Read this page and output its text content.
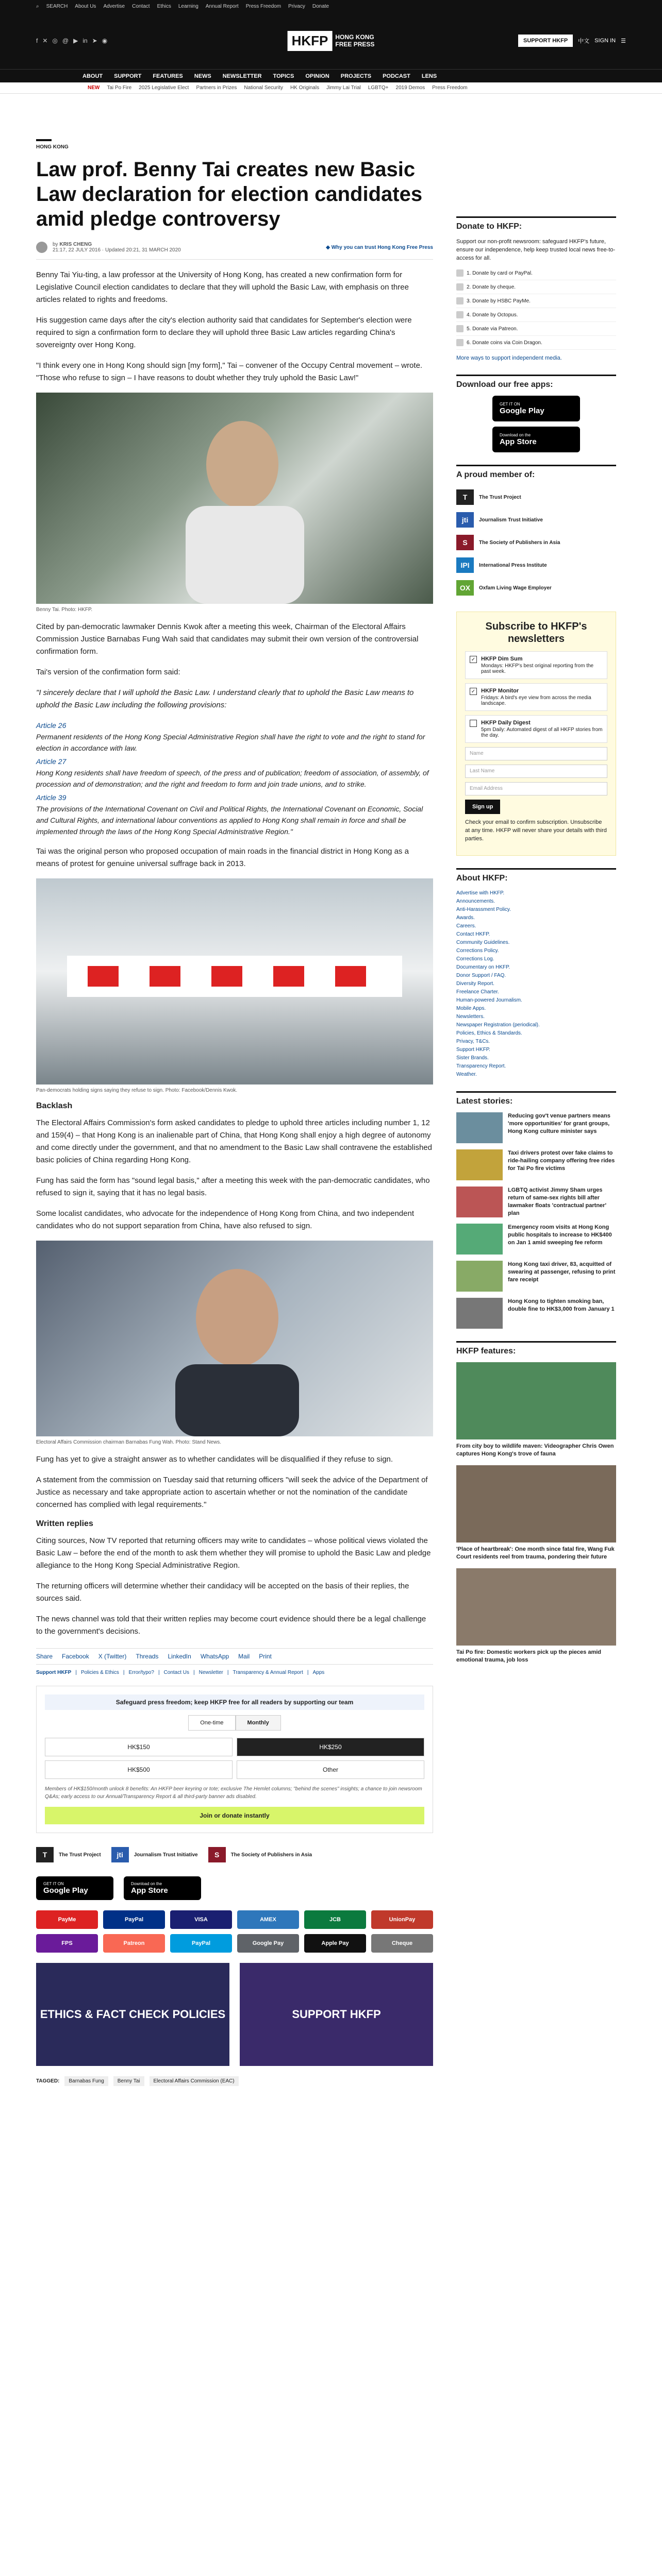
⌕ SEARCH About Us Advertise Contact Ethics Learning Annual Report Press Freedom Privacy Donate
f ✕ ◎ @ ▶ in ➤ ◉	HKFP	HONG KONG
FREE PRESS	SUPPORT HKFP	中文 SIGN IN ☰
ABOUT SUPPORT FEATURES NEWS NEWSLETTER TOPICS OPINION PROJECTS PODCAST LENS
NEW Tai Po Fire 2025 Legislative Elect Partners in Prizes National Security HK Originals Jimmy Lai Trial LGBTQ+ 2019 Demos Press Freedom
HONG KONG
Law prof. Benny Tai creates new Basic Law declaration for election candidates amid pledge controversy
by KRIS CHENG
21:17, 22 JULY 2016 · Updated 20:21, 31 MARCH 2020	◆ Why you can trust Hong Kong Free Press

Benny Tai Yiu-ting, a law professor at the University of Hong Kong, has created a new confirmation form for Legislative Council election candidates to declare that they will uphold the Basic Law, with emphasis on three articles related to rights and freedoms.

His suggestion came days after the city's election authority said that candidates for September's election were required to sign a confirmation form to declare they will uphold three Basic Law articles regarding China's sovereignty over Hong Kong.

"I think every one in Hong Kong should sign [my form]," Tai – convener of the Occupy Central movement – wrote. "Those who refuse to sign – I have reasons to doubt whether they truly uphold the Basic Law!"

Benny Tai. Photo: HKFP.

Cited by pan-democratic lawmaker Dennis Kwok after a meeting this week, Chairman of the Electoral Affairs Commission Justice Barnabas Fung Wah said that candidates may submit their own version of the controversial confirmation form.

Tai's version of the confirmation form said:

"I sincerely declare that I will uphold the Basic Law. I understand clearly that to uphold the Basic Law means to uphold the Basic Law including the following provisions:

Article 26
Permanent residents of the Hong Kong Special Administrative Region shall have the right to vote and the right to stand for election in accordance with law.
Article 27
Hong Kong residents shall have freedom of speech, of the press and of publication; freedom of association, of assembly, of procession and of demonstration; and the right and freedom to form and join trade unions, and to strike.
Article 39
The provisions of the International Covenant on Civil and Political Rights, the International Covenant on Economic, Social and Cultural Rights, and international labour conventions as applied to Hong Kong shall remain in force and shall be implemented through the laws of the Hong Kong Special Administrative Region."

Tai was the original person who proposed occupation of main roads in the financial district in Hong Kong as a means of protest for genuine universal suffrage back in 2013.

Pan-democrats holding signs saying they refuse to sign. Photo: Facebook/Dennis Kwok.
Backlash

The Electoral Affairs Commission's form asked candidates to pledge to uphold three articles including number 1, 12 and 159(4) – that Hong Kong is an inalienable part of China, that Hong Kong shall enjoy a high degree of autonomy and come directly under the government, and that no amendment to the Basic Law shall contravene the established basic policies of China regarding Hong Kong.

Fung has said the form has "sound legal basis," after a meeting this week with the pan-democratic candidates, who refused to sign it, saying that it has no legal basis.

Some localist candidates, who advocate for the independence of Hong Kong from China, and two independent candidates who do not support separation from China, have also refused to sign.

Electoral Affairs Commission chairman Barnabas Fung Wah. Photo: Stand News.

Fung has yet to give a straight answer as to whether candidates will be disqualified if they refuse to sign.

A statement from the commission on Tuesday said that returning officers "will seek the advice of the Department of Justice as necessary and take appropriate action to ascertain whether or not the nomination of the candidate concerned has complied with legal requirements."

Written replies

Citing sources, Now TV reported that returning officers may write to candidates – whose political views violated the Basic Law – before the end of the month to ask them whether they will promise to uphold the Basic Law and pledge allegiance to the Hong Kong Special Administrative Region.

The returning officers will determine whether their candidacy will be accepted on the basis of their replies, the sources said.

The news channel was told that their written replies may become court evidence should there be a legal challenge to the government's decisions.

Share Facebook X (Twitter) Threads LinkedIn WhatsApp Mail Print
Support HKFP | Policies & Ethics | Error/typo? | Contact Us | Newsletter | Transparency & Annual Report | Apps
Safeguard press freedom; keep HKFP free for all readers by supporting our team
One-time	Monthly
HK$150	HK$250
HK$500	Other
Members of HK$150/month unlock 8 benefits: An HKFP beer keyring or tote; exclusive The Hemlet columns; "behind the scenes" insights; a chance to join newsroom Q&As; early access to our Annual/Transparency Report & all third-party banner ads disabled.
Join or donate instantly
T	The Trust Project	jti	Journalism Trust Initiative	S	The Society of Publishers in Asia
GET IT ON
Google Play
Download on the
App Store
PayMe	PayPal	VISA	AMEX	JCB	UnionPay
FPS	Patreon	PayPal	Google Pay	Apple Pay	Cheque
ETHICS & FACT CHECK POLICIES	SUPPORT HKFP
TAGGED:	Barnabas Fung	Benny Tai	Electoral Affairs Commission (EAC)
Donate to HKFP:

Support our non-profit newsroom: safeguard HKFP's future, ensure our independence, help keep trusted local news free-to-access for all.

1. Donate by card or PayPal.
2. Donate by cheque.
3. Donate by HSBC PayMe.
4. Donate by Octopus.
5. Donate via Patreon.
6. Donate coins via Coin Dragon.

More ways to support independent media.

Download our free apps:
GET IT ON
Google Play
Download on the
App Store
A proud member of:
T	The Trust Project
jti	Journalism Trust Initiative
S	The Society of Publishers in Asia
IPI	International Press Institute
OX	Oxfam Living Wage Employer
Subscribe to HKFP's newsletters
✓ HKFP Dim Sum
Mondays: HKFP's best original reporting from the past week.
✓ HKFP Monitor
Fridays: A bird's eye view from across the media landscape.
HKFP Daily Digest
5pm Daily: Automated digest of all HKFP stories from the day.
Name
Last Name
Email Address
Sign up

Check your email to confirm subscription. Unsubscribe at any time. HKFP will never share your details with third parties.

About HKFP:
Advertise with HKFP.
Announcements.
Anti-Harassment Policy.
Awards.
Careers.
Contact HKFP.
Community Guidelines.
Corrections Policy.
Corrections Log.
Documentary on HKFP.
Donor Support / FAQ.
Diversity Report.
Freelance Charter.
Human-powered Journalism.
Mobile Apps.
Newsletters.
Newspaper Registration (periodical).
Policies, Ethics & Standards.
Privacy, T&Cs.
Support HKFP.
Sister Brands.
Transparency Report.
Weather.
Latest stories:
Reducing gov't venue partners means 'more opportunities' for grant groups, Hong Kong culture minister says
Taxi drivers protest over fake claims to ride-hailing company offering free rides for Tai Po fire victims
LGBTQ activist Jimmy Sham urges return of same-sex rights bill after lawmaker floats 'contractual partner' plan
Emergency room visits at Hong Kong public hospitals to increase to HK$400 on Jan 1 amid sweeping fee reform
Hong Kong taxi driver, 83, acquitted of swearing at passenger, refusing to print fare receipt
Hong Kong to tighten smoking ban, double fine to HK$3,000 from January 1
HKFP features:
From city boy to wildlife maven: Videographer Chris Owen captures Hong Kong's trove of fauna
'Place of heartbreak': One month since fatal fire, Wang Fuk Court residents reel from trauma, pondering their future
Tai Po fire: Domestic workers pick up the pieces amid emotional trauma, job loss
